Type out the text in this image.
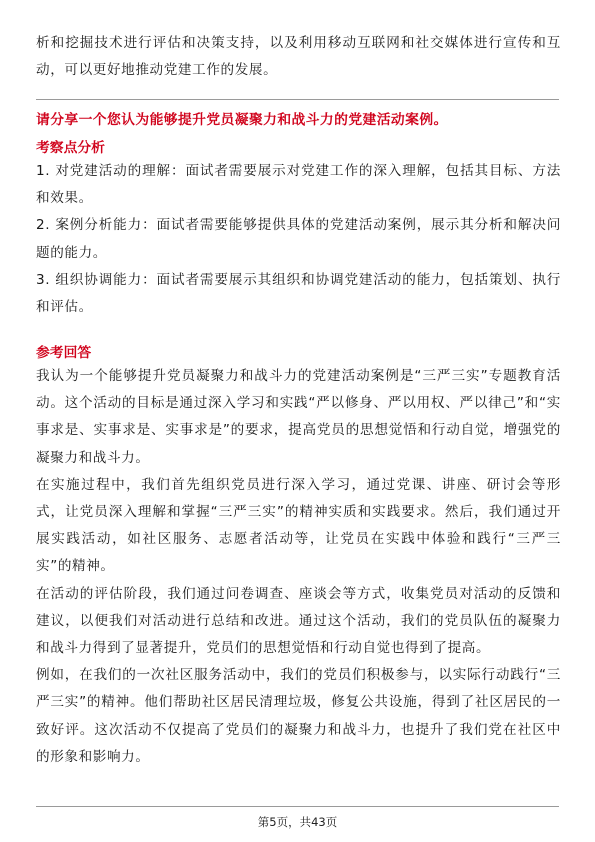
析和挖掘技术进行评估和决策支持，以及利用移动互联网和社交媒体进行宣传和互动，可以更好地推动党建工作的发展。

请分享一个您认为能够提升党员凝聚力和战斗力的党建活动案例。
考察点分析

1. 对党建活动的理解：面试者需要展示对党建工作的深入理解，包括其目标、方法和效果。

2. 案例分析能力：面试者需要能够提供具体的党建活动案例，展示其分析和解决问题的能力。

3. 组织协调能力：面试者需要展示其组织和协调党建活动的能力，包括策划、执行和评估。

参考回答

我认为一个能够提升党员凝聚力和战斗力的党建活动案例是“三严三实”专题教育活动。这个活动的目标是通过深入学习和实践“严以修身、严以用权、严以律己”和“实事求是、实事求是、实事求是”的要求，提高党员的思想觉悟和行动自觉，增强党的凝聚力和战斗力。

在实施过程中，我们首先组织党员进行深入学习，通过党课、讲座、研讨会等形式，让党员深入理解和掌握“三严三实”的精神实质和实践要求。然后，我们通过开展实践活动，如社区服务、志愿者活动等，让党员在实践中体验和践行“三严三实”的精神。

在活动的评估阶段，我们通过问卷调查、座谈会等方式，收集党员对活动的反馈和建议，以便我们对活动进行总结和改进。通过这个活动，我们的党员队伍的凝聚力和战斗力得到了显著提升，党员们的思想觉悟和行动自觉也得到了提高。

例如，在我们的一次社区服务活动中，我们的党员们积极参与，以实际行动践行“三严三实”的精神。他们帮助社区居民清理垃圾，修复公共设施，得到了社区居民的一致好评。这次活动不仅提高了党员们的凝聚力和战斗力，也提升了我们党在社区中的形象和影响力。

第5页，共43页
